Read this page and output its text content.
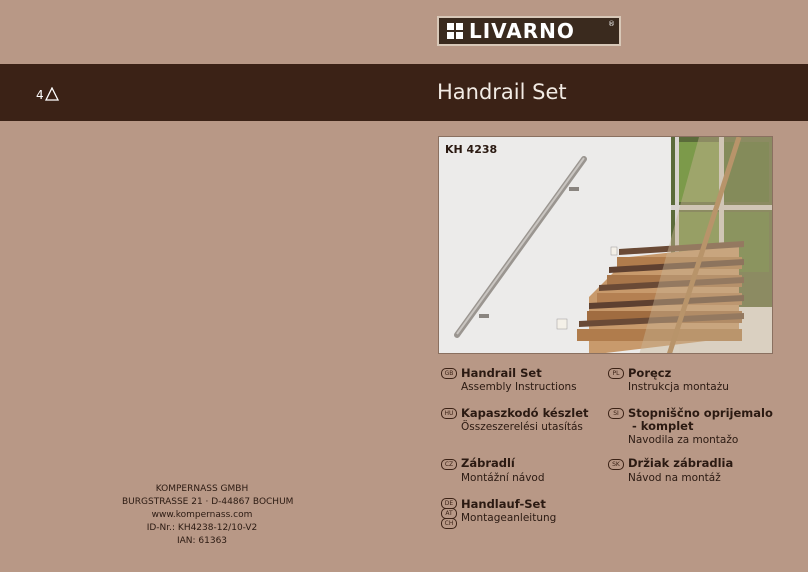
LIVARNO	®
4	Handrail Set
KH 4238
GB Handrail Set
Assembly Instructions
HU Kapaszkodó készlet
Összeszerelési utasítás
CZ Zábradlí
Montážní návod
DE
AT
CH
Handlauf-Set
Montageanleitung
PL Poręcz
Instrukcja montażu
SI Stopniščno oprijemalo
- komplet
Navodila za montažo
SK Držiak zábradlia
Návod na montáž
KOMPERNASS GMBH
BURGSTRASSE 21 · D-44867 BOCHUM
www.kompernass.com
ID-Nr.: KH4238-12/10-V2
IAN: 61363
